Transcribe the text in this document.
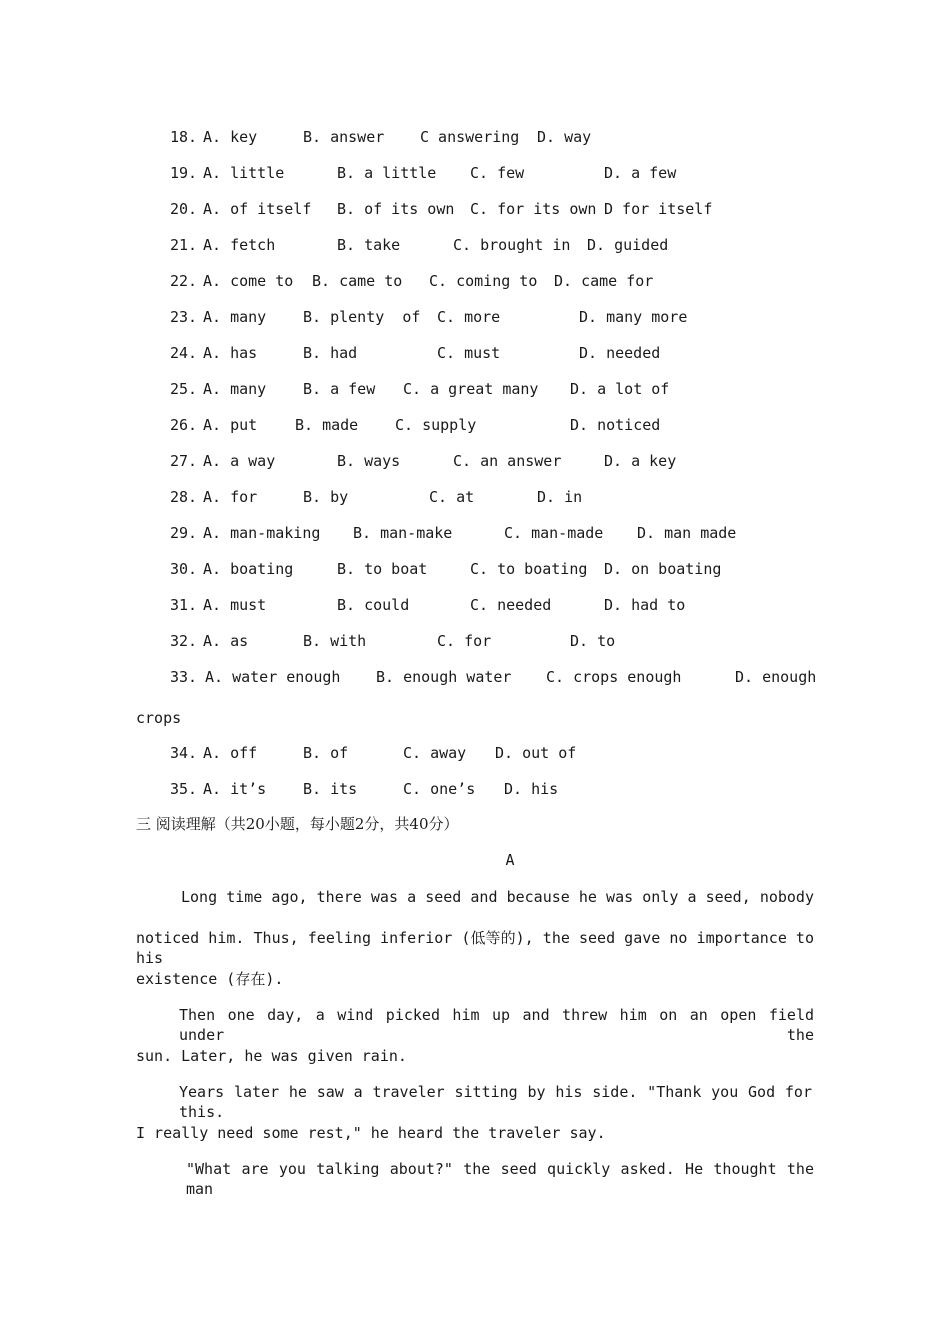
18.

A. key

	B. answer

C answering

D. way

19.

A. little

	B. a little

C. few

	D. a few

20.

A. of itself

B. of its own

C. for its own

D for itself

21.

A. fetch

	B. take

	C. brought in

D. guided

22.

A. come to

B. came to

C. coming to

D. came for

23.

A. many

B. plenty  of

C. more

	D. many more

24.

A. has

	B. had

	C. must

	D. needed

25.

A. many

B. a few

C. a great many

D. a lot of

26.

A. put

	B. made

C. supply

	D. noticed

27.

A. a way

	B. ways

	C. an answer

	D. a key

28.

A. for

	B. by

	C. at

	D. in

29.

A. man-making

B. man-make

	C. man-made

D. man made

30.

A. boating

	B. to boat

	C. to boating

D. on boating

31.

A. must

	B. could

	C. needed

	D. had to

32.

A. as

	B. with

	C. for

	D. to

33.

A. water enough

B. enough water

C. crops enough

	D. enough

crops

34.

A. off

	B. of

	C. away

D. out of

35.

A. it’s

B. its

	C. one’s

D. his

三 阅读理解（共20小题，每小题2分，共40分）
A
Long time ago, there was a seed and because he was only a seed, nobody
noticed him. Thus, feeling inferior (低等的), the seed gave no importance to his
existence (存在).
Then one day, a wind picked him up and threw him on an open field under the
sun. Later, he was given rain.
Years later he saw a traveler sitting by his side. "Thank you God for this.
I really need some rest," he heard the traveler say.
"What are you talking about?" the seed quickly asked. He thought the man
